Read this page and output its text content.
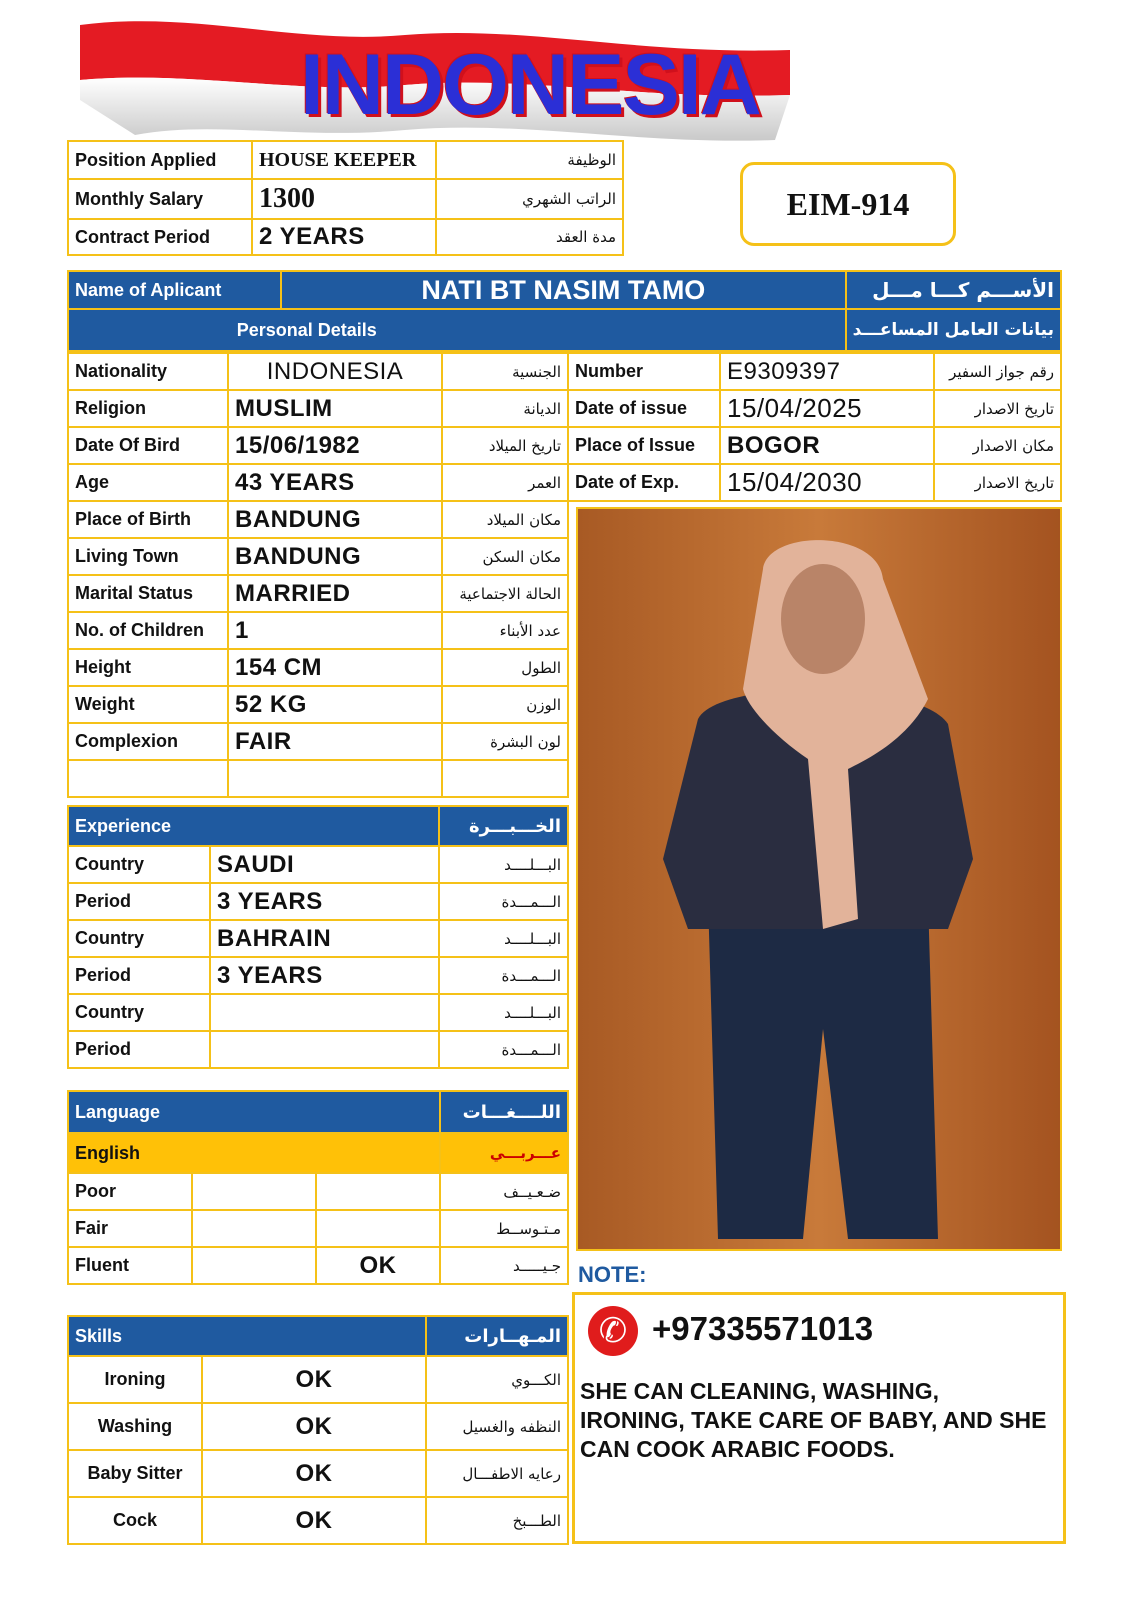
INDONESIA
Position Applied	HOUSE KEEPER	الوظيفة
Monthly Salary	1300	الراتب الشهري
Contract Period	2 YEARS	مدة العقد
EIM-914
Name of Aplicant	NATI BT NASIM TAMO	الأســـم كـــا مـــل
Personal Details		بيانات العامل المساعـــد
Nationality	INDONESIA	الجنسية
Religion	MUSLIM	الديانة
Date Of Bird	15/06/1982	تاريخ الميلاد
Age	43 YEARS	العمر
Place of Birth	BANDUNG	مكان الميلاد
Living Town	BANDUNG	مكان السكن
Marital Status	MARRIED	الحالة الاجتماعية
No. of Children	1	عدد الأبناء
Height	154 CM	الطول
Weight	52 KG	الوزن
Complexion	FAIR	لون البشرة

Number	E9309397	رقم جواز السفير
Date of issue	15/04/2025	تاريخ الاصدار
Place of Issue	BOGOR	مكان الاصدار
Date of Exp.	15/04/2030	تاريخ الاصدار
Experience		الخـــبـــرة
Country	SAUDI	البـــلــــد
Period	3 YEARS	الـــمـــدة
Country	BAHRAIN	البـــلــــد
Period	3 YEARS	الـــمـــدة
Country		البـــلــــد
Period		الـــمـــدة
Language			اللــــغـــات
English			عـــربـــي
Poor			ضـعـيــف
Fair			مـتـوســط
Fluent		OK	جـيـــــد
Skills		المـهــارات
Ironing	OK	الكـــوي
Washing	OK	النظفه والغسيل
Baby Sitter	OK	رعايه الاطفـــال
Cock	OK	الطـــبخ
NOTE:
✆ +97335571013
SHE CAN CLEANING, WASHING, IRONING, TAKE CARE OF BABY, AND SHE CAN COOK ARABIC FOODS.
